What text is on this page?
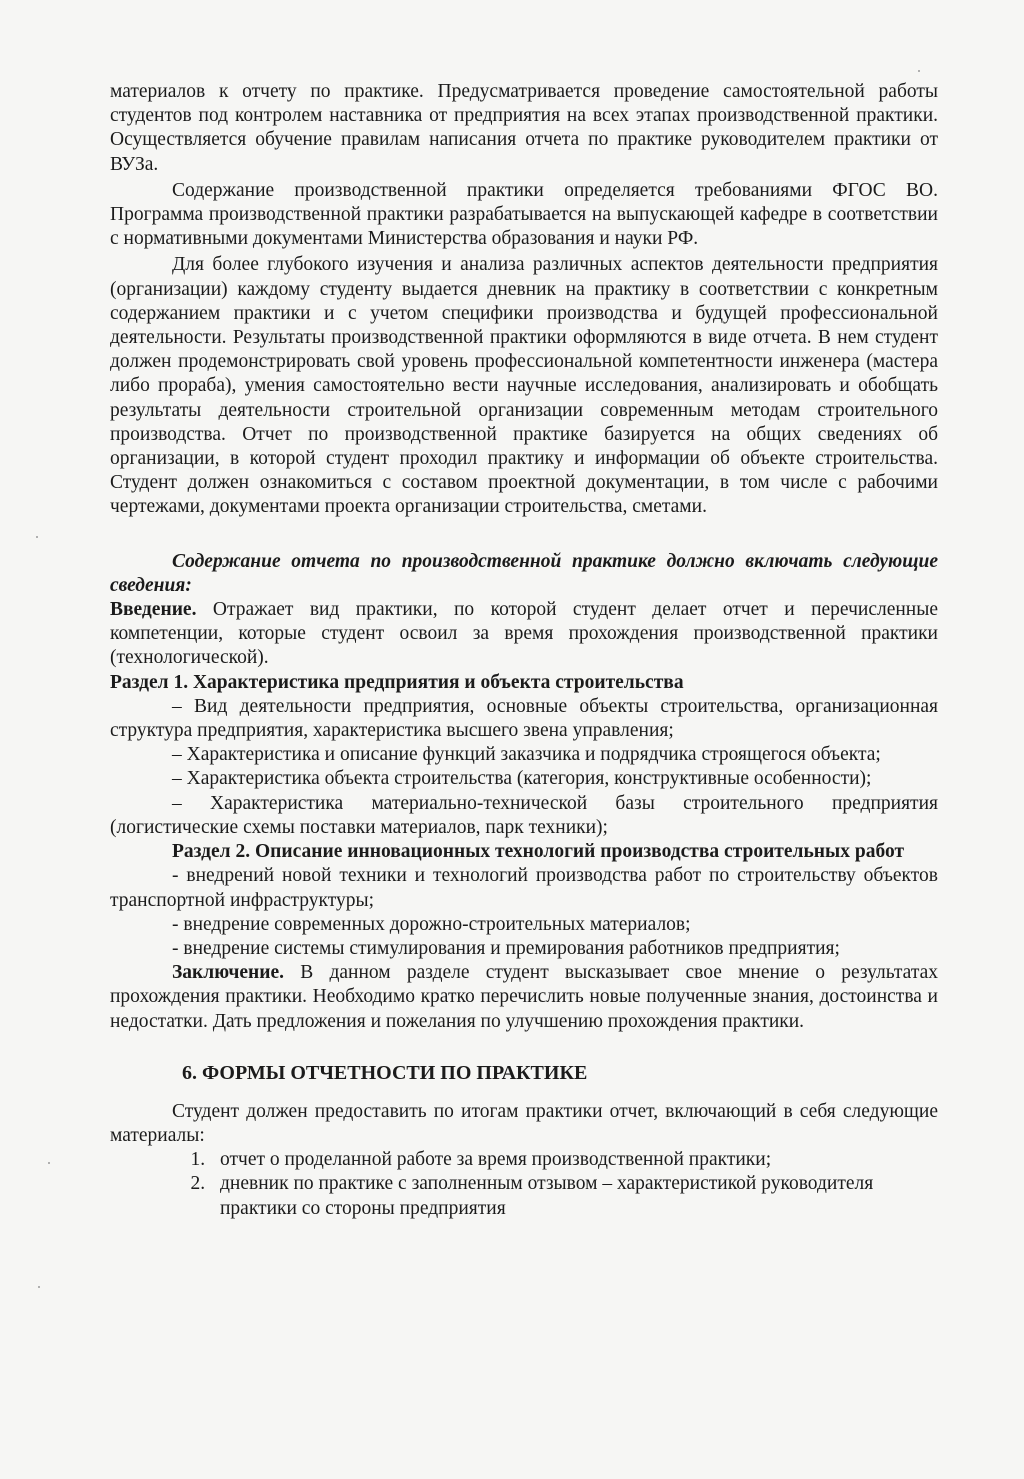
материалов к отчету по практике. Предусматривается проведение самостоятельной работы студентов под контролем наставника от предприятия на всех этапах производственной практики. Осуществляется обучение правилам написания отчета по практике руководителем практики от ВУЗа.

Содержание производственной практики определяется требованиями ФГОС ВО. Программа производственной практики разрабатывается на выпускающей кафедре в соответствии с нормативными документами Министерства образования и науки РФ.

Для более глубокого изучения и анализа различных аспектов деятельности предприятия (организации) каждому студенту выдается дневник на практику в соответствии с конкретным содержанием практики и с учетом специфики производства и будущей профессиональной деятельности. Результаты производственной практики оформляются в виде отчета. В нем студент должен продемонстрировать свой уровень профессиональной компетентности инженера (мастера либо прораба), умения самостоятельно вести научные исследования, анализировать и обобщать результаты деятельности строительной организации современным методам строительного производства. Отчет по производственной практике базируется на общих сведениях об организации, в которой студент проходил практику и информации об объекте строительства. Студент должен ознакомиться с составом проектной документации, в том числе с рабочими чертежами, документами проекта организации строительства, сметами.

Содержание отчета по производственной практике должно включать следующие сведения:

Введение. Отражает вид практики, по которой студент делает отчет и перечисленные компетенции, которые студент освоил за время прохождения производственной практики (технологической).

Раздел 1. Характеристика предприятия и объекта строительства

– Вид деятельности предприятия, основные объекты строительства, организационная структура предприятия, характеристика высшего звена управления;

– Характеристика и описание функций заказчика и подрядчика строящегося объекта;

– Характеристика объекта строительства (категория, конструктивные особенности);

– Характеристика материально-технической базы строительного предприятия (логистические схемы поставки материалов, парк техники);

Раздел 2. Описание инновационных технологий производства строительных работ

- внедрений новой техники и технологий производства работ по строительству объектов транспортной инфраструктуры;

- внедрение современных дорожно-строительных материалов;

- внедрение системы стимулирования и премирования работников предприятия;

Заключение. В данном разделе студент высказывает свое мнение о результатах прохождения практики. Необходимо кратко перечислить новые полученные знания, достоинства и недостатки. Дать предложения и пожелания по улучшению прохождения практики.

6. ФОРМЫ ОТЧЕТНОСТИ ПО ПРАКТИКЕ

Студент должен предоставить по итогам практики отчет, включающий в себя следующие материалы:

1. отчет о проделанной работе за время производственной практики;
2. дневник по практике с заполненным отзывом – характеристикой руководителя практики со стороны предприятия
